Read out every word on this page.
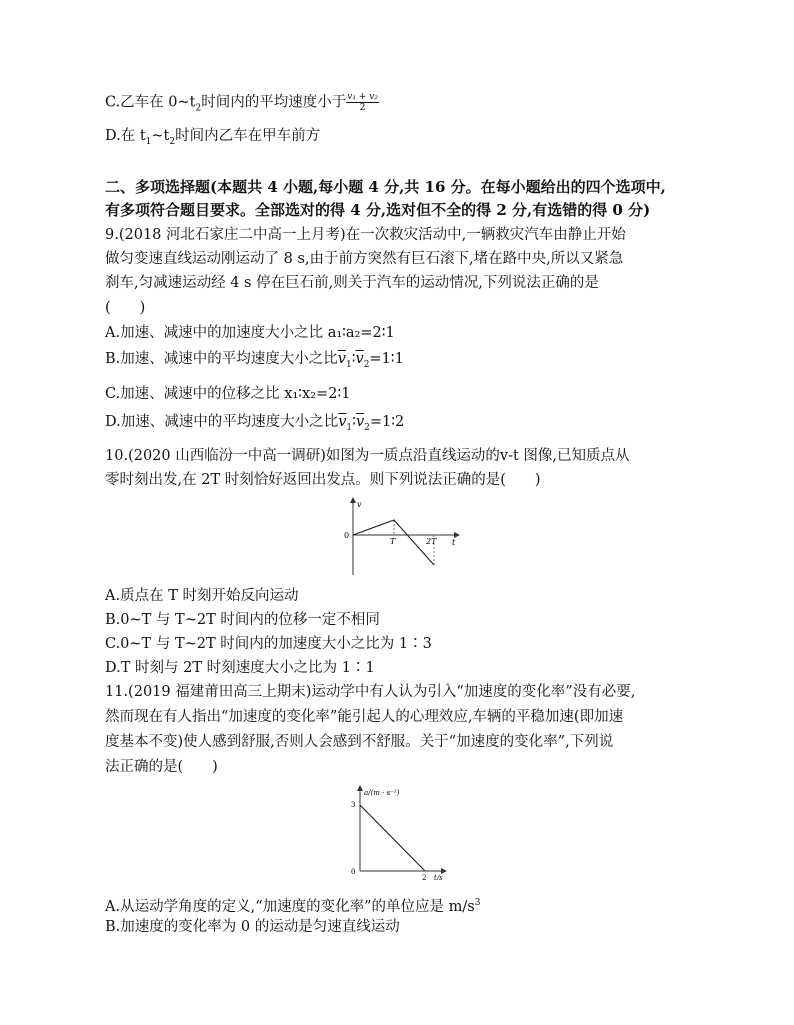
C.乙车在 $0\sim t_2$时间内的平均速度小于 $\frac{\text{v₁ + v₂}}{2}$
D.在 $t_1\sim t_2$时间内乙车在甲车前方
二、多项选择题(本题共 4 小题,每小题 4 分,共 16 分。在每小题给出的四个选项中,
有多项符合题目要求。全部选对的得 4 分,选对但不全的得 2 分,有选错的得 0 分)
9.(2018 河北石家庄二中高一上月考)在一次救灾活动中,一辆救灾汽车由静止开始
做匀变速直线运动刚运动了 8 s,由于前方突然有巨石滚下,堵在路中央,所以又紧急
刹车,匀减速运动经 4 s 停在巨石前,则关于汽车的运动情况,下列说法正确的是
(　　)
A.加速、减速中的加速度大小之比 a₁∶a₂=2∶1
B.加速、减速中的平均速度大小之比$\overline{v}_1∶\overline{v}_2=1∶1$
C.加速、减速中的位移之比 x₁∶x₂=2∶1
D.加速、减速中的平均速度大小之比$\overline{v}_1∶\overline{v}_2=1∶2$
10.(2020 山西临汾一中高一调研)如图为一质点沿直线运动的v-t 图像,已知质点从
零时刻出发,在 2T 时刻恰好返回出发点。则下列说法正确的是(　　)
v
t
0
T	2T
A.质点在 T 时刻开始反向运动
B.0~T 与 T~2T 时间内的位移一定不相同
C.0~T 与 T~2T 时间内的加速度大小之比为 1∶3
D.T 时刻与 2T 时刻速度大小之比为 1∶1
11.(2019 福建莆田高三上期末)运动学中有人认为引入“加速度的变化率”没有必要,
然而现在有人指出“加速度的变化率”能引起人的心理效应,车辆的平稳加速(即加速
度基本不变)使人感到舒服,否则人会感到不舒服。关于“加速度的变化率”,下列说
法正确的是(　　)
a/(m · s⁻²)
t/s
0
3
2
A.从运动学角度的定义,“加速度的变化率”的单位应是 $m/s^3$
B.加速度的变化率为 0 的运动是匀速直线运动
